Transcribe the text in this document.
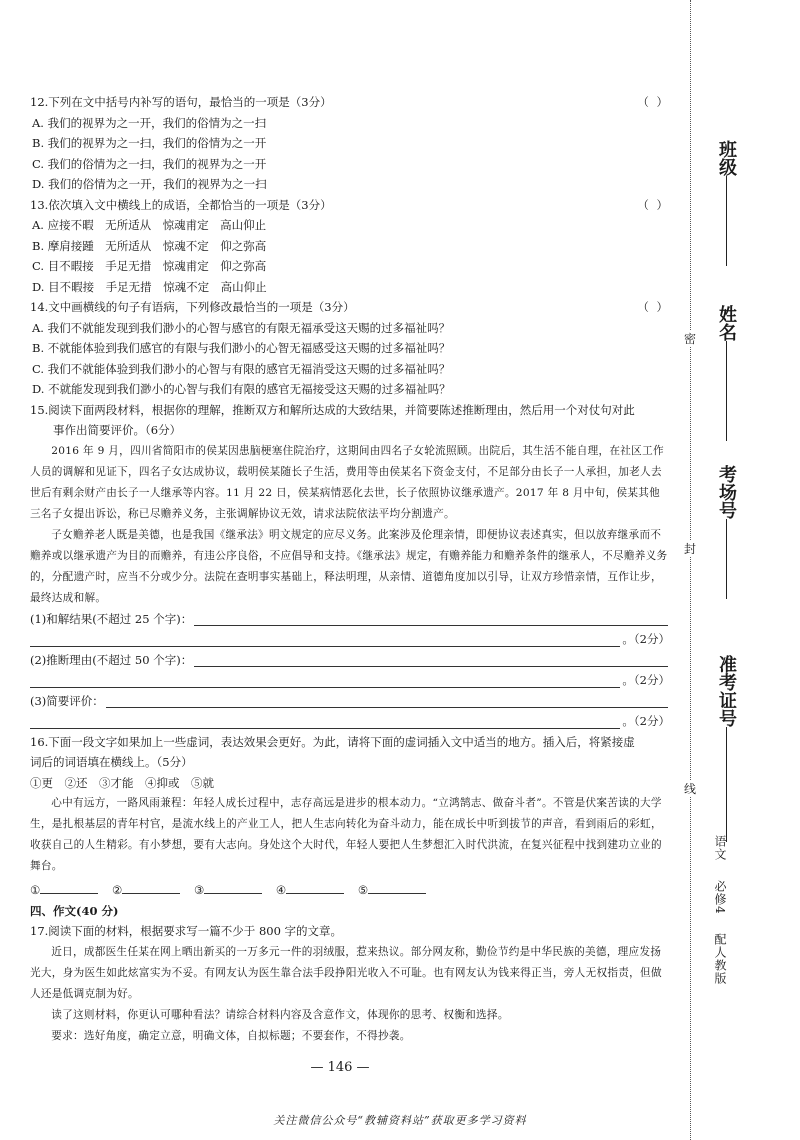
12.下列在文中括号内补写的语句，最恰当的一项是（3分）	（ ）
A. 我们的视界为之一开，我们的俗情为之一扫
B. 我们的视界为之一扫，我们的俗情为之一开
C. 我们的俗情为之一扫，我们的视界为之一开
D. 我们的俗情为之一开，我们的视界为之一扫
13.依次填入文中横线上的成语，全都恰当的一项是（3分）	（ ）
A. 应接不暇　无所适从　惊魂甫定　高山仰止
B. 摩肩接踵　无所适从　惊魂不定　仰之弥高
C. 目不暇接　手足无措　惊魂甫定　仰之弥高
D. 目不暇接　手足无措　惊魂不定　高山仰止
14.文中画横线的句子有语病，下列修改最恰当的一项是（3分）	（ ）
A. 我们不就能发现到我们渺小的心智与感官的有限无福承受这天赐的过多福祉吗？
B. 不就能体验到我们感官的有限与我们渺小的心智无福感受这天赐的过多福祉吗？
C. 我们不就能体验到我们渺小的心智与有限的感官无福消受这天赐的过多福祉吗？
D. 不就能发现到我们渺小的心智与我们有限的感官无福接受这天赐的过多福祉吗？
15.阅读下面两段材料，根据你的理解，推断双方和解所达成的大致结果，并简要陈述推断理由，然后用一个对仗句对此
事作出简要评价。（6分）
2016 年 9 月，四川省简阳市的侯某因患脑梗塞住院治疗，这期间由四名子女轮流照顾。出院后，其生活不能自理，在社区工作人员的调解和见证下，四名子女达成协议，载明侯某随长子生活，费用等由侯某名下资金支付，不足部分由长子一人承担，加老人去世后有剩余财产由长子一人继承等内容。11 月 22 日，侯某病情恶化去世，长子依照协议继承遗产。2017 年 8 月中旬，侯某其他三名子女提出诉讼，称已尽赡养义务，主张调解协议无效，请求法院依法平均分割遗产。
子女赡养老人既是美德，也是我国《继承法》明文规定的应尽义务。此案涉及伦理亲情，即便协议表述真实，但以放弃继承而不赡养或以继承遗产为目的而赡养，有违公序良俗，不应倡导和支持。《继承法》规定，有赡养能力和赡养条件的继承人，不尽赡养义务的，分配遗产时，应当不分或少分。法院在查明事实基础上，释法明理，从亲情、道德角度加以引导，让双方珍惜亲情，互作让步，最终达成和解。
(1)和解结果(不超过 25 个字)：
。（2分）
(2)推断理由(不超过 50 个字)：
。（2分）
(3)简要评价：
。（2分）
16.下面一段文字如果加上一些虚词，表达效果会更好。为此，请将下面的虚词插入文中适当的地方。插入后，将紧接虚
词后的词语填在横线上。（5分）
①更　②还　③才能　④抑或　⑤就
心中有远方，一路风雨兼程：年轻人成长过程中，志存高远是进步的根本动力。“立鸿鹄志、做奋斗者”。不管是伏案苦读的大学生，是扎根基层的青年村官，是流水线上的产业工人，把人生志向转化为奋斗动力，能在成长中听到拔节的声音，看到雨后的彩虹，收获自己的人生精彩。有小梦想，要有大志向。身处这个大时代，年轻人要把人生梦想汇入时代洪流，在复兴征程中找到建功立业的舞台。
①	②	③	④	⑤
四、作文(40 分)
17.阅读下面的材料，根据要求写一篇不少于 800 字的文章。
近日，成都医生任某在网上晒出新买的一万多元一件的羽绒服，惹来热议。部分网友称，勤俭节约是中华民族的美德，理应发扬光大，身为医生如此炫富实为不妥。有网友认为医生靠合法手段挣阳光收入不可耻。也有网友认为钱来得正当，旁人无权指责，但做人还是低调克制为好。
读了这则材料，你更认可哪种看法？请综合材料内容及含意作文，体现你的思考、权衡和选择。
要求：选好角度，确定立意，明确文体，自拟标题；不要套作，不得抄袭。
— 146 —
关注微信公众号“教辅资料站”获取更多学习资料
密
封
线
班级
姓名
考场号
准考证号
语文 必修4 配人教版
